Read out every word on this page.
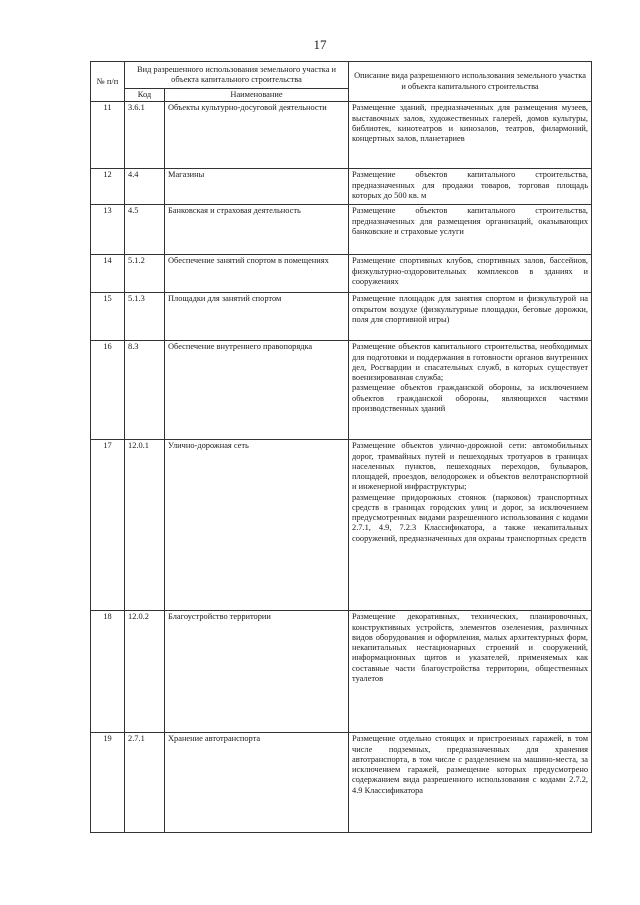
17
№ п/п	Вид разрешенного использования земельного участка и объекта капитального строительства		Описание вида разрешенного использования земельного участка и объекта капитального строительства
	Код	Наименование	
11	3.6.1	Объекты культурно-досуговой деятельности	Размещение зданий, предназначенных для размещения музеев, выставочных залов, художественных галерей, домов культуры, библиотек, кинотеатров и кинозалов, театров, филармоний, концертных залов, планетариев
12	4.4	Магазины	Размещение объектов капитального строительства, предназначенных для продажи товаров, торговая площадь которых до 500 кв. м
13	4.5	Банковская и страховая деятельность	Размещение объектов капитального строительства, предназначенных для размещения организаций, оказывающих банковские и страховые услуги
14	5.1.2	Обеспечение занятий спортом в помещениях	Размещение спортивных клубов, спортивных залов, бассейнов, физкультурно-оздоровительных комплексов в зданиях и сооружениях
15	5.1.3	Площадки для занятий спортом	Размещение площадок для занятия спортом и физкультурой на открытом воздухе (физкультурные площадки, беговые дорожки, поля для спортивной игры)
16	8.3	Обеспечение внутреннего правопорядка	Размещение объектов капитального строительства, необходимых для подготовки и поддержания в готовности органов внутренних дел, Росгвардии и спасательных служб, в которых существует военизированная служба;
размещение объектов гражданской обороны, за исключением объектов гражданской обороны, являющихся частями производственных зданий
17	12.0.1	Улично-дорожная сеть	Размещение объектов улично-дорожной сети: автомобильных дорог, трамвайных путей и пешеходных тротуаров в границах населенных пунктов, пешеходных переходов, бульваров, площадей, проездов, велодорожек и объектов велотранспортной и инженерной инфраструктуры;
размещение придорожных стоянок (парковок) транспортных средств в границах городских улиц и дорог, за исключением предусмотренных видами разрешенного использования с кодами 2.7.1, 4.9, 7.2.3 Классификатора, а также некапитальных сооружений, предназначенных для охраны транспортных средств
18	12.0.2	Благоустройство территории	Размещение декоративных, технических, планировочных, конструктивных устройств, элементов озеленения, различных видов оборудования и оформления, малых архитектурных форм, некапитальных нестационарных строений и сооружений, информационных щитов и указателей, применяемых как составные части благоустройства территории, общественных туалетов
19	2.7.1	Хранение автотранспорта	Размещение отдельно стоящих и пристроенных гаражей, в том числе подземных, предназначенных для хранения автотранспорта, в том числе с разделением на машино-места, за исключением гаражей, размещение которых предусмотрено содержанием вида разрешенного использования с кодами 2.7.2, 4.9 Классификатора
